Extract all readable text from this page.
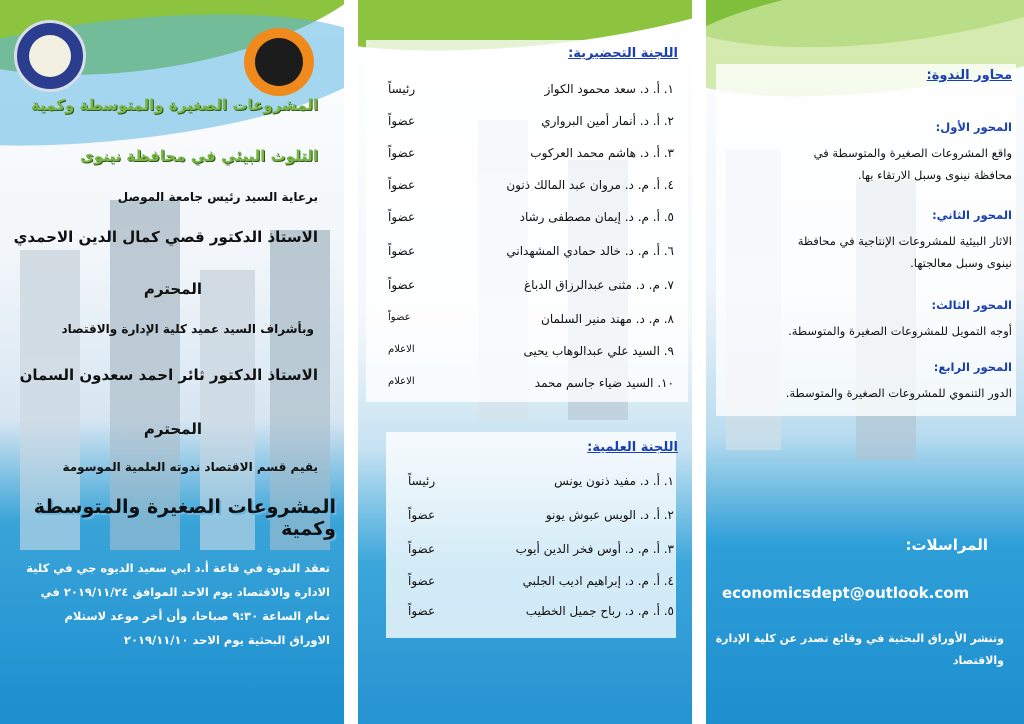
المشروعات الصغيرة والمتوسطة وكمية
التلوث البيئي في محافظة نينوى
برعاية السيد رئيس جامعة الموصل
الاستاذ الدكتور قصي كمال الدين الاحمدي
المحترم
وبأشراف السيد عميد كلية الإدارة والاقتصاد
الاستاذ الدكتور ثائر احمد سعدون السمان
المحترم
يقيم قسم الاقتصاد ندوته العلمية الموسومة
المشروعات الصغيرة والمتوسطة وكمية
تعقد الندوة في قاعة أ.د ابي سعيد الديوه جي في كلية
الادارة والاقتصاد يوم الاحد الموافق ٢٠١٩/١١/٢٤ في
تمام الساعة ٩:٣٠ صباحا، وأن أخر موعد لاستلام
الاوراق البحثية يوم الاحد ٢٠١٩/١١/١٠
اللجنة التحضيرية:
١. أ. د. سعد محمود الكواز
رئيساً
٢. أ. د. أنمار أمين البرواري
عضواً
٣. أ. د. هاشم محمد العركوب
عضواً
٤. أ. م. د. مروان عبد المالك ذنون
عضواً
٥. أ. م. د. إيمان مصطفى رشاد
عضواً
٦. أ. م. د. خالد حمادي المشهداني
عضواً
٧. م. د. مثنى عبدالرزاق الدباغ
عضواً
٨. م. د. مهند منير السلمان
عضواً
٩. السيد علي عبدالوهاب يحيى
الاعلام
١٠. السيد ضياء جاسم محمد
الاعلام
اللجنة العلمية:
١. أ. د. مفيد ذنون يونس
رئيساً
٢. أ. د. الويس عبوش يونو
عضواً
٣. أ. م. د. أوس فخر الدين أيوب
عضواً
٤. أ. م. د. إبراهيم اديب الجلبي
عضواً
٥. أ. م. د. رباح جميل الخطيب
عضواً
محاور الندوة:
المحور الأول:
واقع المشروعات الصغيرة والمتوسطة في
محافظة نينوى وسبل الارتقاء بها.
المحور الثاني:
الاثار البيئية للمشروعات الإنتاجية في محافظة
نينوى وسبل معالجتها.
المحور الثالث:
أوجه التمويل للمشروعات الصغيرة والمتوسطة.
المحور الرابع:
الدور التنموي للمشروعات الصغيرة والمتوسطة.
المراسلات:
economicsdept@outlook.com
وتنشر الأوراق البحثية في وقائع تصدر عن كلية الإدارة
والاقتصاد
